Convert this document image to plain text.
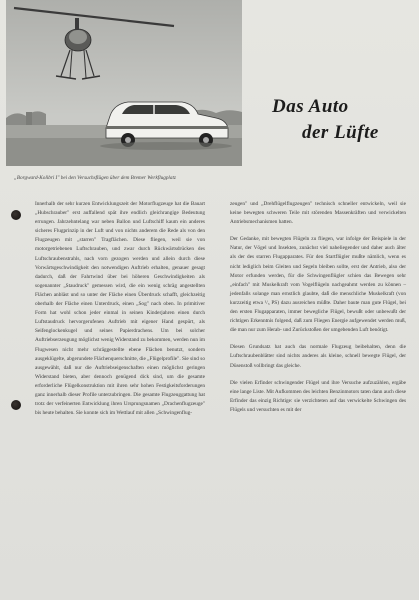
„Borgward-Kolibri I" bei den Versuchsflügen über dem Bremer Werkflugplatz
Das Auto
der Lüfte

Innerhalb der sehr kurzen Entwicklungszeit der Motorflugzeuge hat die Bauart „Hubschrauber" erst auffallend spät ihre endlich gleichrangige Bedeutung errungen. Jahrzehntelang war neben Ballon und Luftschiff kaum ein anderes sicheres Flugprinzip in der Luft und von nichts anderem die Rede als von den Flugzeugen mit „starren" Tragflächen. Diese fliegen, weil sie von motorgetriebenen Luftschrauben, und zwar durch Rückwärtsdrücken des Luftschraubenstrahls, nach vorn gezogen werden und allein durch diese Vorwärtsgeschwindigkeit den notwendigen Auftrieb erhalten, genauer gesagt dadurch, daß der Fahrtwind über bei höheren Geschwindigkeiten als sogenannter „Staudruck" gemessen wird, die ein wenig schräg angestellten Flächen anbläst und so unter der Fläche einen Überdruck schafft, gleichzeitig oberhalb der Fläche einen Unterdruck, einen „Sog" nach oben. In primitiver Form hat wohl schon jeder einmal in seinen Kinderjahren einen durch Luftstaudruck hervorgerufenen Auftrieb mit eigener Hand gespürt, als Seifenglockenkugel und seines Papierdrachens. Um bei solcher Auftriebserzeugung möglichst wenig Widerstand zu bekommen, werden nun im Flugwesen nicht mehr schräggestellte ebene Flächen benutzt, sondern ausgeklügelte, abgerundete Flächenquerschnitte, die „Flügelprofile". Sie sind so ausgewählt, daß nur die Auftriebseigenschaften einen möglichst geringen Widerstand bieten, aber dennoch genügend dick sind, um die gesamte erforderliche Flügelkonstruktion mit ihren sehr hohen Festigkeitsforderungen ganz innerhalb dieser Profile unterzubringen. Die gesamte Flugzeuggattung hat trotz der verfeinerten Entwicklung ihren Ursprungsnamen „Drachenflugzeuge" bis heute behalten. Sie konnte sich im Wettlauf mit allen „Schwingenflug-

zeugen" und „Drehflügelflugzeugen" technisch schneller entwickeln, weil sie keine bewegten schweren Teile mit störenden Massenkräften und verwickelten Antriebsmechanismen hatten.

Der Gedanke, mit bewegten Flügeln zu fliegen, war infolge der Beispiele in der Natur, der Vögel und Insekten, zunächst viel naheliegender und daher auch älter als der des starren Flugapparates. Für den Startflügler mußte nämlich, wenn es nicht lediglich beim Gleiten und Segeln bleiben sollte, erst der Antrieb, also der Motor erfunden werden, für die Schwingenflügler schien das Bewegen sehr „einfach" mit Muskelkraft vom Vogelflügeln nachgeahmt werden zu können – jedenfalls solange man ernstlich glaubte, daß die menschliche Muskelkraft (von kurzzeitig etwa ¹/₃ PS) dazu ausreichen müßte. Daher baute man gute Flügel, bei den ersten Flugapparaten, immer bewegliche Flügel, bewußt oder unbewußt der richtigen Erkenntnis folgend, daß zum Fliegen Energie aufgewendet werden muß, die man nur zum Herab- und Zurückstoßen der umgebenden Luft benötigt.

Diesen Grundsatz hat auch das normale Flugzeug beibehalten, denn die Luftschraubenblätter sind nichts anderes als kleine, schnell bewegte Flügel, der Düsenstoß vollbringt das gleiche.

Die vielen Erfinder schwingender Flügel und ihre Versuche aufzuzählen, ergäbe eine lange Liste. Mit Aufkommen des leichten Benzinmotors taten dann auch diese Erfinder das einzig Richtige: sie verzichteten auf das verwickelte Schwingen des Flügels und versuchten es mit der
